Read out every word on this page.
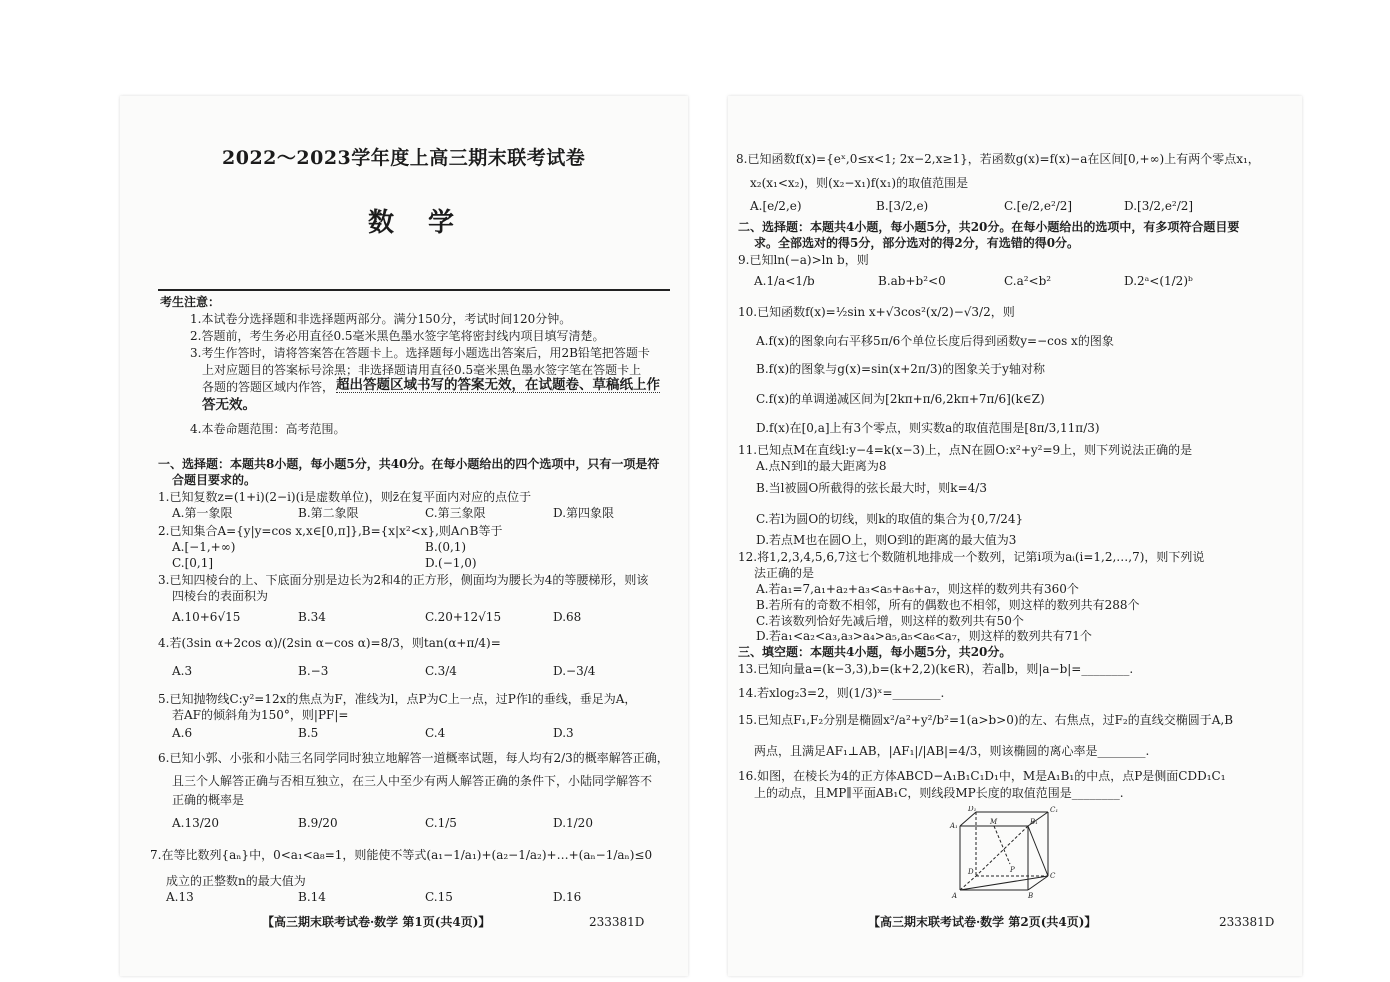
2022～2023学年度上高三期末联考试卷
数学
考生注意：
1.本试卷分选择题和非选择题两部分。满分150分，考试时间120分钟。
2.答题前，考生务必用直径0.5毫米黑色墨水签字笔将密封线内项目填写清楚。
3.考生作答时，请将答案答在答题卡上。选择题每小题选出答案后，用2B铅笔把答题卡
上对应题目的答案标号涂黑；非选择题请用直径0.5毫米黑色墨水签字笔在答题卡上
各题的答题区域内作答， 超出答题区域书写的答案无效，在试题卷、草稿纸上作
答无效。
4.本卷命题范围：高考范围。
一、选择题：本题共8小题，每小题5分，共40分。在每小题给出的四个选项中，只有一项是符
合题目要求的。
1.已知复数z=(1+i)(2−i)(i是虚数单位)，则z̄在复平面内对应的点位于
A.第一象限	B.第二象限	C.第三象限	D.第四象限
2.已知集合A={y|y=cos x,x∈[0,π]},B={x|x²<x},则A∩B等于
A.[−1,+∞)	B.(0,1)
C.[0,1]	D.(−1,0)
3.已知四棱台的上、下底面分别是边长为2和4的正方形，侧面均为腰长为4的等腰梯形，则该
四棱台的表面积为
A.10+6√15	B.34	C.20+12√15	D.68
4.若(3sin α+2cos α)/(2sin α−cos α)=8/3，则tan(α+π/4)=
A.3	B.−3	C.3/4	D.−3/4
5.已知抛物线C:y²=12x的焦点为F，准线为l，点P为C上一点，过P作l的垂线，垂足为A，
若AF的倾斜角为150°，则|PF|=
A.6	B.5	C.4	D.3
6.已知小郭、小张和小陆三名同学同时独立地解答一道概率试题，每人均有2/3的概率解答正确，
且三个人解答正确与否相互独立，在三人中至少有两人解答正确的条件下，小陆同学解答不
正确的概率是
A.13/20	B.9/20	C.1/5	D.1/20
7.在等比数列{aₙ}中，0<a₁<a₈=1，则能使不等式(a₁−1/a₁)+(a₂−1/a₂)+…+(aₙ−1/aₙ)≤0
成立的正整数n的最大值为
A.13	B.14	C.15	D.16
【高三期末联考试卷·数学 第1页(共4页)】	233381D
8.已知函数f(x)={eˣ,0≤x<1; 2x−2,x≥1}，若函数g(x)=f(x)−a在区间[0,+∞)上有两个零点x₁，
x₂(x₁<x₂)，则(x₂−x₁)f(x₁)的取值范围是
A.[e/2,e)	B.[3/2,e)	C.[e/2,e²/2]	D.[3/2,e²/2]
二、选择题：本题共4小题，每小题5分，共20分。在每小题给出的选项中，有多项符合题目要
求。全部选对的得5分，部分选对的得2分，有选错的得0分。
9.已知ln(−a)>ln b，则
A.1/a<1/b	B.ab+b²<0	C.a²<b²	D.2ᵃ<(1/2)ᵇ
10.已知函数f(x)=½sin x+√3cos²(x/2)−√3/2，则
A.f(x)的图象向右平移5π/6个单位长度后得到函数y=−cos x的图象
B.f(x)的图象与g(x)=sin(x+2π/3)的图象关于y轴对称
C.f(x)的单调递减区间为[2kπ+π/6,2kπ+7π/6](k∈Z)
D.f(x)在[0,a]上有3个零点，则实数a的取值范围是[8π/3,11π/3)
11.已知点M在直线l:y−4=k(x−3)上，点N在圆O:x²+y²=9上，则下列说法正确的是
A.点N到l的最大距离为8
B.当l被圆O所截得的弦长最大时，则k=4/3
C.若l为圆O的切线，则k的取值的集合为{0,7/24}
D.若点M也在圆O上，则O到l的距离的最大值为3
12.将1,2,3,4,5,6,7这七个数随机地排成一个数列，记第i项为aᵢ(i=1,2,…,7)，则下列说
法正确的是
A.若a₁=7,a₁+a₂+a₃<a₅+a₆+a₇，则这样的数列共有360个
B.若所有的奇数不相邻，所有的偶数也不相邻，则这样的数列共有288个
C.若该数列恰好先减后增，则这样的数列共有50个
D.若a₁<a₂<a₃,a₃>a₄>a₅,a₅<a₆<a₇，则这样的数列共有71个
三、填空题：本题共4小题，每小题5分，共20分。
13.已知向量a=(k−3,3),b=(k+2,2)(k∈R)，若a∥b，则|a−b|=________.
14.若xlog₂3=2，则(1/3)ˣ=________.
15.已知点F₁,F₂分别是椭圆x²/a²+y²/b²=1(a>b>0)的左、右焦点，过F₂的直线交椭圆于A,B
两点，且满足AF₁⊥AB，|AF₁|/|AB|=4/3，则该椭圆的离心率是________.
16.如图，在棱长为4的正方体ABCD−A₁B₁C₁D₁中，M是A₁B₁的中点，点P是侧面CDD₁C₁
上的动点，且MP∥平面AB₁C，则线段MP长度的取值范围是________.
D₁	C₁
A₁	M	B₁
D	P
C
A	B
【高三期末联考试卷·数学 第2页(共4页)】	233381D
